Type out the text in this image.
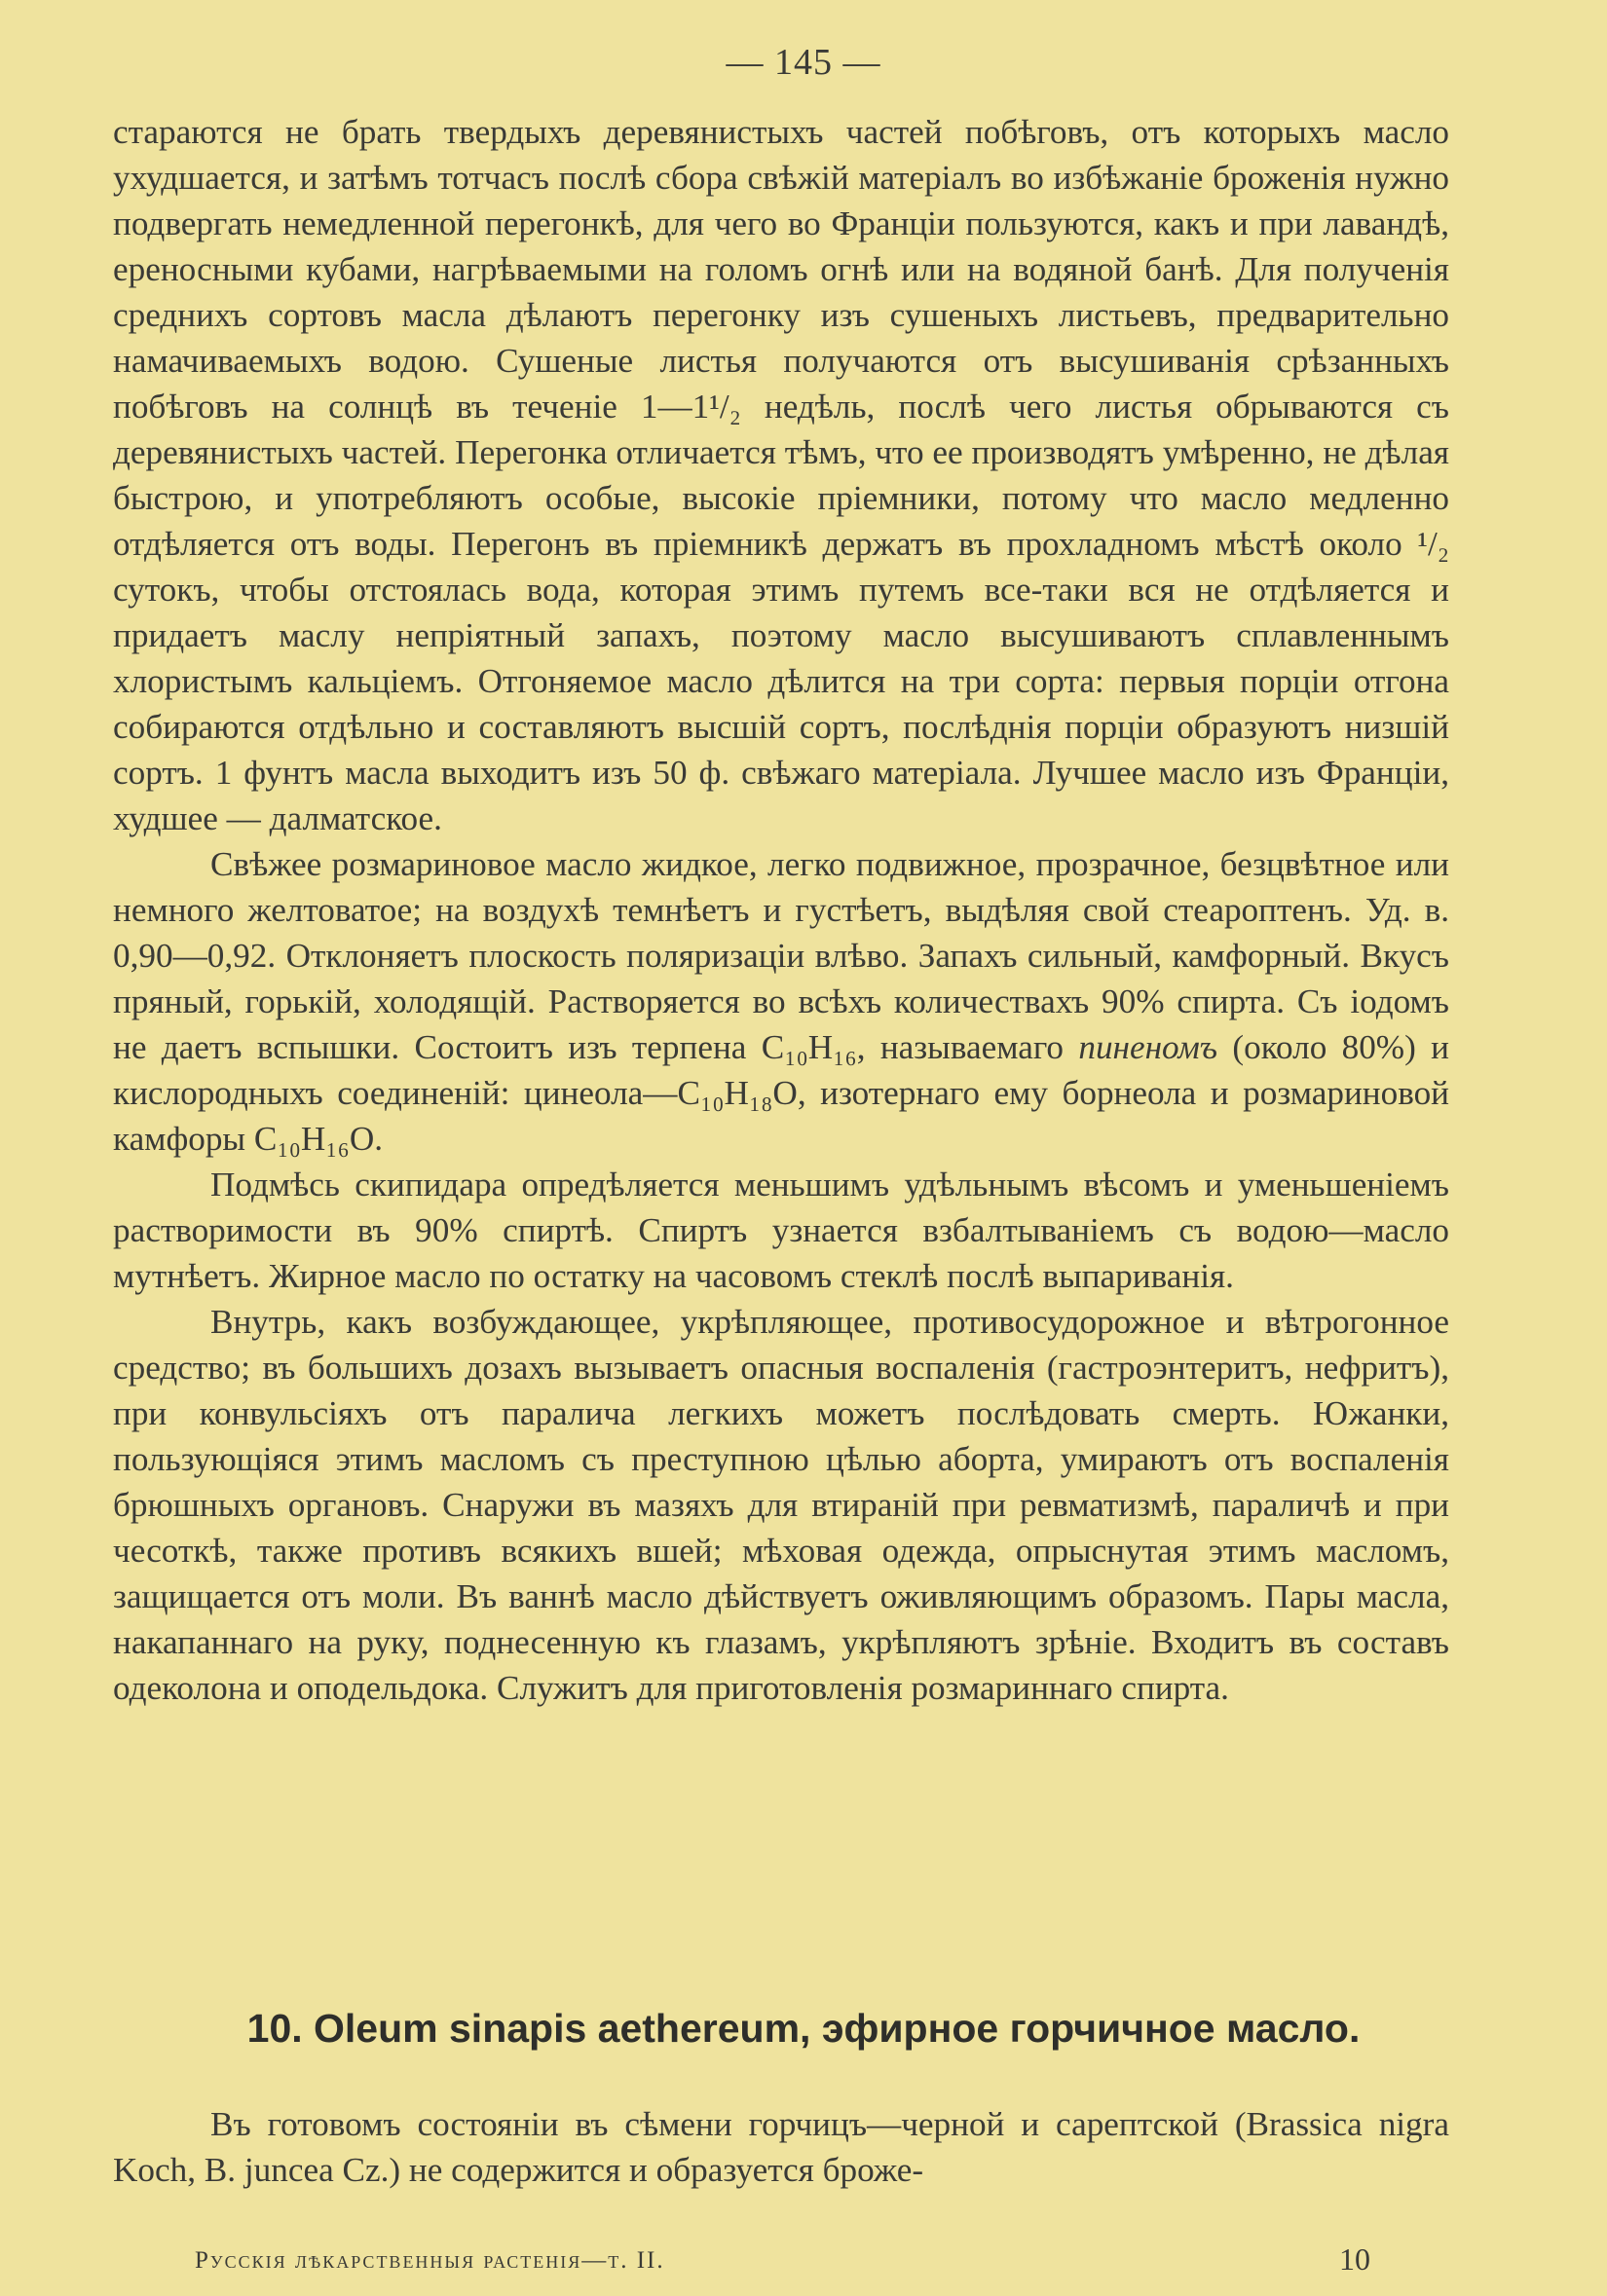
— 145 —

стараются не брать твердыхъ деревянистыхъ частей побѣговъ, отъ которыхъ масло ухудшается, и затѣмъ тотчасъ послѣ сбора свѣжій матеріалъ во избѣжаніе броженія нужно подвергать немедленной перегонкѣ, для чего во Франціи пользуются, какъ и при лавандѣ, ереносными кубами, нагрѣваемыми на голомъ огнѣ или на водяной банѣ. Для полученія среднихъ сортовъ масла дѣлаютъ перегонку изъ сушеныхъ листьевъ, предварительно намачиваемыхъ водою. Сушеные листья получаются отъ высушиванія срѣзанныхъ побѣговъ на солнцѣ въ теченіе 1—1¹/₂ недѣль, послѣ чего листья обрываются съ деревянистыхъ частей. Перегонка отличается тѣмъ, что ее производятъ умѣренно, не дѣлая быстрою, и употребляютъ особые, высокіе пріемники, потому что масло медленно отдѣляется отъ воды. Перегонъ въ пріемникѣ держатъ въ прохладномъ мѣстѣ около ¹/₂ сутокъ, чтобы отстоялась вода, которая этимъ путемъ все-таки вся не отдѣляется и придаетъ маслу непріятный запахъ, поэтому масло высушиваютъ сплавленнымъ хлористымъ кальціемъ. Отгоняемое масло дѣлится на три сорта: первыя порціи отгона собираются отдѣльно и составляютъ высшій сортъ, послѣднія порціи образуютъ низшій сортъ. 1 фунтъ масла выходитъ изъ 50 ф. свѣжаго матеріала. Лучшее масло изъ Франціи, худшее — далматское.

Свѣжее розмариновое масло жидкое, легко подвижное, прозрачное, безцвѣтное или немного желтоватое; на воздухѣ темнѣетъ и густѣетъ, выдѣляя свой стеароптенъ. Уд. в. 0,90—0,92. Отклоняетъ плоскость поляризаціи влѣво. Запахъ сильный, камфорный. Вкусъ пряный, горькій, холодящій. Растворяется во всѣхъ количествахъ 90% спирта. Съ іодомъ не даетъ вспышки. Состоитъ изъ терпена C₁₀H₁₆, называемаго пиненомъ (около 80%) и кислородныхъ соединеній: цинеола—C₁₀H₁₈O, изотернаго ему борнеола и розмариновой камфоры C₁₀H₁₆O.

Подмѣсь скипидара опредѣляется меньшимъ удѣльнымъ вѣсомъ и уменьшеніемъ растворимости въ 90% спиртѣ. Спиртъ узнается взбалтываніемъ съ водою—масло мутнѣетъ. Жирное масло по остатку на часовомъ стеклѣ послѣ выпариванія.

Внутрь, какъ возбуждающее, укрѣпляющее, противосудорожное и вѣтрогонное средство; въ большихъ дозахъ вызываетъ опасныя воспаленія (гастроэнтеритъ, нефритъ), при конвульсіяхъ отъ паралича легкихъ можетъ послѣдовать смерть. Южанки, пользующіяся этимъ масломъ съ преступною цѣлью аборта, умираютъ отъ воспаленія брюшныхъ органовъ. Снаружи въ мазяхъ для втираній при ревматизмѣ, параличѣ и при чесоткѣ, также противъ всякихъ вшей; мѣховая одежда, опрыснутая этимъ масломъ, защищается отъ моли. Въ ваннѣ масло дѣйствуетъ оживляющимъ образомъ. Пары масла, накапаннаго на руку, поднесенную къ глазамъ, укрѣпляютъ зрѣніе. Входитъ въ составъ одеколона и оподельдока. Служитъ для приготовленія розмариннаго спирта.

10. Oleum sinapis aethereum, эфирное горчичное масло.

Въ готовомъ состояніи въ сѣмени горчицъ—черной и сарептской (Brassica nigra Koch, B. juncea Cz.) не содержится и образуется броже-

Русскія лѣкарственныя растенія—т. II.	10
